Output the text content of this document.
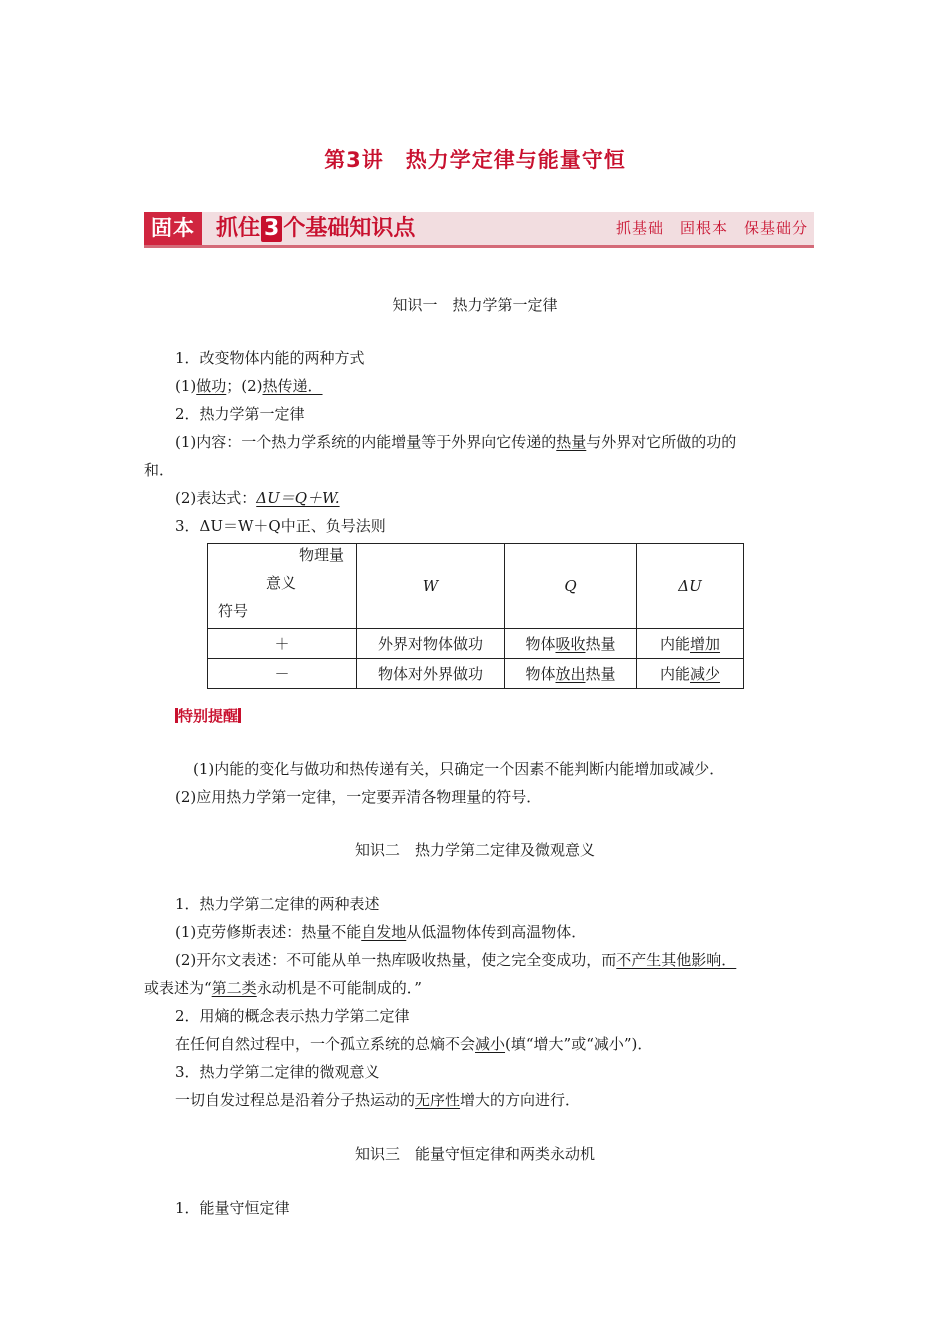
第3讲　热力学定律与能量守恒
固本 抓住 3 个基础知识点	抓基础　固根本　保基础分
知识一　热力学第一定律
1．改变物体内能的两种方式
(1)做功；(2)热传递．
2．热力学第一定律
(1)内容：一个热力学系统的内能增量等于外界向它传递的热量与外界对它所做的功的
和．
(2)表达式：ΔU＝Q＋W.
3．ΔU＝W＋Q中正、负号法则
物理量
意义
符号	W	Q	ΔU
＋	外界对物体做功	物体吸收热量	内能增加
－	物体对外界做功	物体放出热量	内能减少
特别提醒
(1)内能的变化与做功和热传递有关，只确定一个因素不能判断内能增加或减少．
(2)应用热力学第一定律，一定要弄清各物理量的符号．
知识二　热力学第二定律及微观意义
1．热力学第二定律的两种表述
(1)克劳修斯表述：热量不能自发地从低温物体传到高温物体．
(2)开尔文表述：不可能从单一热库吸收热量，使之完全变成功，而不产生其他影响．
或表述为“第二类永动机是不可能制成的．”
2．用熵的概念表示热力学第二定律
在任何自然过程中，一个孤立系统的总熵不会减小(填“增大”或“减小”)．
3．热力学第二定律的微观意义
一切自发过程总是沿着分子热运动的无序性增大的方向进行．
知识三　能量守恒定律和两类永动机
1．能量守恒定律
